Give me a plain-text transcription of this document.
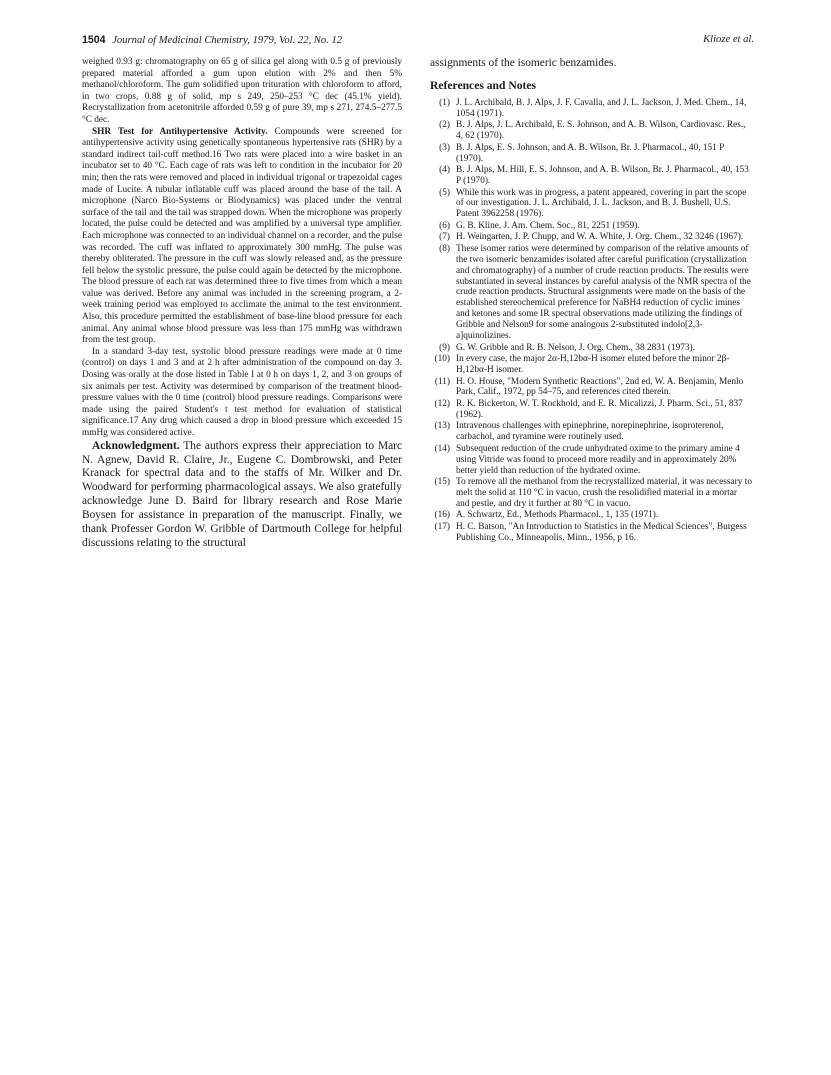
1504 Journal of Medicinal Chemistry, 1979, Vol. 22, No. 12	Klioze et al.

weighed 0.93 g: chromatography on 65 g of silica gel along with 0.5 g of previously prepared material afforded a gum upon elution with 2% and then 5% methanol/chloroform. The gum solidified upon trituration with chloroform to afford, in two crops, 0.88 g of solid, mp s 249, 250–253 °C dec (45.1% yield). Recrystallization from acetonitrile afforded 0.59 g of pure 39, mp s 271, 274.5–277.5 °C dec.

SHR Test for Antihypertensive Activity. Compounds were screened for antihypertensive activity using genetically spontaneous hypertensive rats (SHR) by a standard indirect tail-cuff method.16 Two rats were placed into a wire basket in an incubator set to 40 °C. Each cage of rats was left to condition in the incubator for 20 min; then the rats were removed and placed in individual trigonal or trapezoidal cages made of Lucite. A tubular inflatable cuff was placed around the base of the tail. A microphone (Narco Bio-Systems or Biodynamics) was placed under the ventral surface of the tail and the tail was strapped down. When the microphone was properly located, the pulse could be detected and was amplified by a universal type amplifier. Each microphone was connected to an individual channel on a recorder, and the pulse was recorded. The cuff was inflated to approximately 300 mmHg. The pulse was thereby obliterated. The pressure in the cuff was slowly released and, as the pressure fell below the systolic pressure, the pulse could again be detected by the microphone. The blood pressure of each rat was determined three to five times from which a mean value was derived. Before any animal was included in the screening program, a 2-week training period was employed to acclimate the animal to the test environment. Also, this procedure permitted the establishment of base-line blood pressure for each animal. Any animal whose blood pressure was less than 175 mmHg was withdrawn from the test group.

In a standard 3-day test, systolic blood pressure readings were made at 0 time (control) on days 1 and 3 and at 2 h after administration of the compound on day 3. Dosing was orally at the dose listed in Table I at 0 h on days 1, 2, and 3 on groups of six animals per test. Activity was determined by comparison of the treatment blood-pressure values with the 0 time (control) blood pressure readings. Comparisons were made using the paired Student's t test method for evaluation of statistical significance.17 Any drug which caused a drop in blood pressure which exceeded 15 mmHg was considered active.

Acknowledgment. The authors express their appreciation to Marc N. Agnew, David R. Claire, Jr., Eugene C. Dombrowski, and Peter Kranack for spectral data and to the staffs of Mr. Wilker and Dr. Woodward for performing pharmacological assays. We also gratefully acknowledge June D. Baird for library research and Rose Marie Boysen for assistance in preparation of the manuscript. Finally, we thank Professer Gordon W. Gribble of Dartmouth College for helpful discussions relating to the structural

assignments of the isomeric benzamides.

References and Notes
(1) J. L. Archibald, B. J. Alps, J. F. Cavalla, and J. L. Jackson, J. Med. Chem., 14, 1054 (1971).
(2) B. J. Alps, J. L. Archibald, E. S. Johnson, and A. B. Wilson, Cardiovasc. Res., 4, 62 (1970).
(3) B. J. Alps, E. S. Johnson, and A. B. Wilson, Br. J. Pharmacol., 40, 151 P (1970).
(4) B. J. Alps, M. Hill, E. S. Johnson, and A. B. Wilson, Br. J. Pharmacol., 40, 153 P (1970).
(5) While this work was in progress, a patent appeared, covering in part the scope of our investigation. J. L. Archibald, J. L. Jackson, and B. J. Bushell, U.S. Patent 3962258 (1976).
(6) G. B. Kline, J. Am. Chem. Soc., 81, 2251 (1959).
(7) H. Weingarten, J. P. Chupp, and W. A. White, J. Org. Chem., 32 3246 (1967).
(8) These isomer ratios were determined by comparison of the relative amounts of the two isomeric benzamides isolated after careful purification (crystallization and chromatography) of a number of crude reaction products. The results were substantiated in several instances by careful analysis of the NMR spectra of the crude reaction products. Structural assignments were made on the basis of the established stereochemical preference for NaBH4 reduction of cyclic imines and ketones and some IR spectral observations made utilizing the findings of Gribble and Nelson9 for some analogous 2-substituted indolo[2,3-a]quinolizines.
(9) G. W. Gribble and R. B. Nelson, J. Org. Chem., 38 2831 (1973).
(10) In every case, the major 2α-H,12bα-H isomer eluted before the minor 2β-H,12bα-H isomer.
(11) H. O. House, "Modern Synthetic Reactions", 2nd ed, W. A. Benjamin, Menlo Park, Calif., 1972, pp 54–75, and references cited therein.
(12) R. K. Bickerton, W. T. Rockhold, and E. R. Micalizzi, J. Pharm. Sci., 51, 837 (1962).
(13) Intravenous challenges with epinephrine, norepinephrine, isoproterenol, carbachol, and tyramine were routinely used.
(14) Subsequent reduction of the crude unhydrated oxime to the primary amine 4 using Vitride was found to proceed more readily and in approximately 20% better yield than reduction of the hydrated oxime.
(15) To remove all the methanol from the recrystallized material, it was necessary to melt the solid at 110 °C in vacuo, crush the resolidified material in a mortar and pestle, and dry it further at 80 °C in vacuo.
(16) A. Schwartz, Ed., Methods Pharmacol., 1, 135 (1971).
(17) H. C. Batson, "An Introduction to Statistics in the Medical Sciences", Burgess Publishing Co., Minneapolis, Minn., 1956, p 16.
